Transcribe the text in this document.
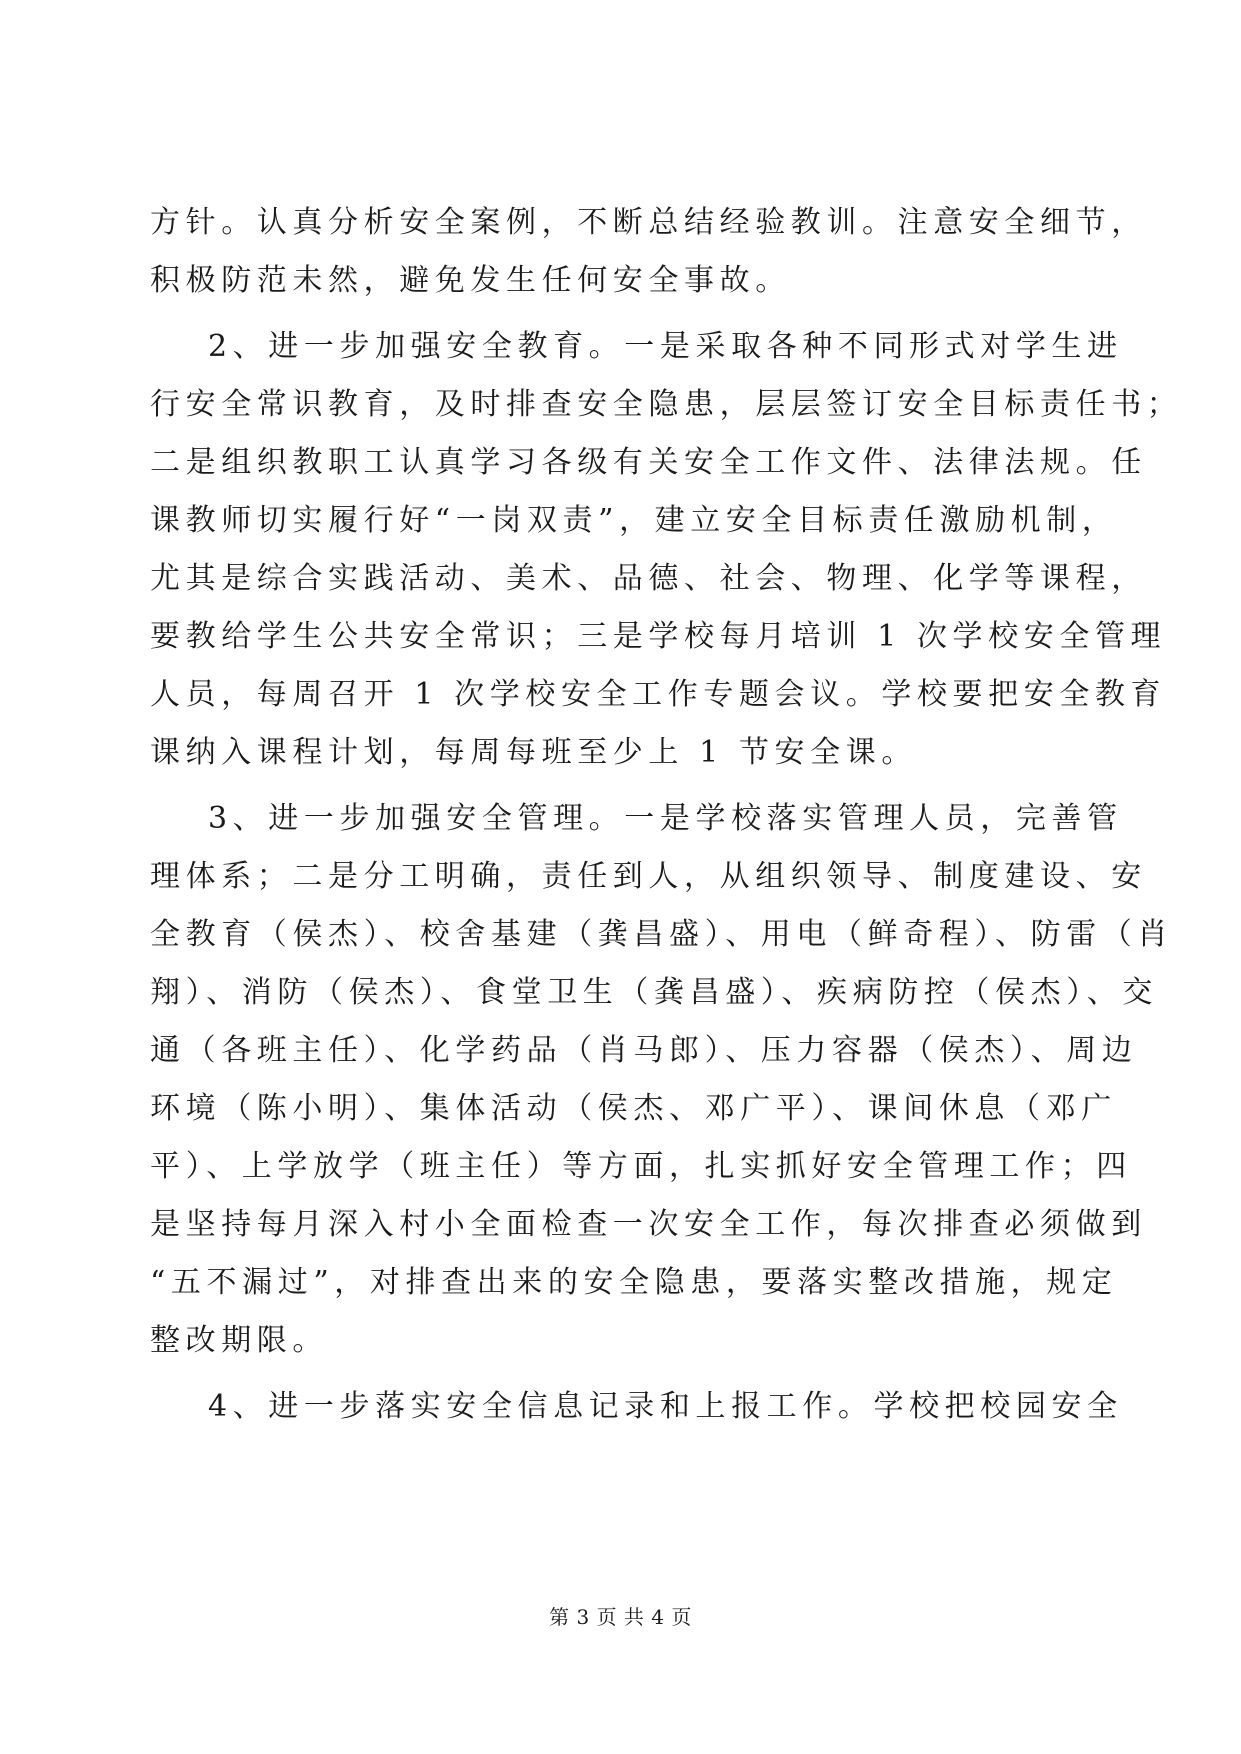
方针。认真分析安全案例，不断总结经验教训。注意安全细节，
积极防范未然，避免发生任何安全事故。
2、进一步加强安全教育。一是采取各种不同形式对学生进
行安全常识教育，及时排查安全隐患，层层签订安全目标责任书；
二是组织教职工认真学习各级有关安全工作文件、法律法规。任
课教师切实履行好“一岗双责”，建立安全目标责任激励机制，
尤其是综合实践活动、美术、品德、社会、物理、化学等课程，
要教给学生公共安全常识；三是学校每月培训 1 次学校安全管理
人员，每周召开 1 次学校安全工作专题会议。学校要把安全教育
课纳入课程计划，每周每班至少上 1 节安全课。
3、进一步加强安全管理。一是学校落实管理人员，完善管
理体系；二是分工明确，责任到人，从组织领导、制度建设、安
全教育（侯杰）、校舍基建（龚昌盛）、用电（鲜奇程）、防雷（肖
翔）、消防（侯杰）、食堂卫生（龚昌盛）、疾病防控（侯杰）、交
通（各班主任）、化学药品（肖马郎）、压力容器（侯杰）、周边
环境（陈小明）、集体活动（侯杰、邓广平）、课间休息（邓广
平）、上学放学（班主任）等方面，扎实抓好安全管理工作；四
是坚持每月深入村小全面检查一次安全工作，每次排查必须做到
“五不漏过”，对排查出来的安全隐患，要落实整改措施，规定
整改期限。
4、进一步落实安全信息记录和上报工作。学校把校园安全
第 3 页 共 4 页
